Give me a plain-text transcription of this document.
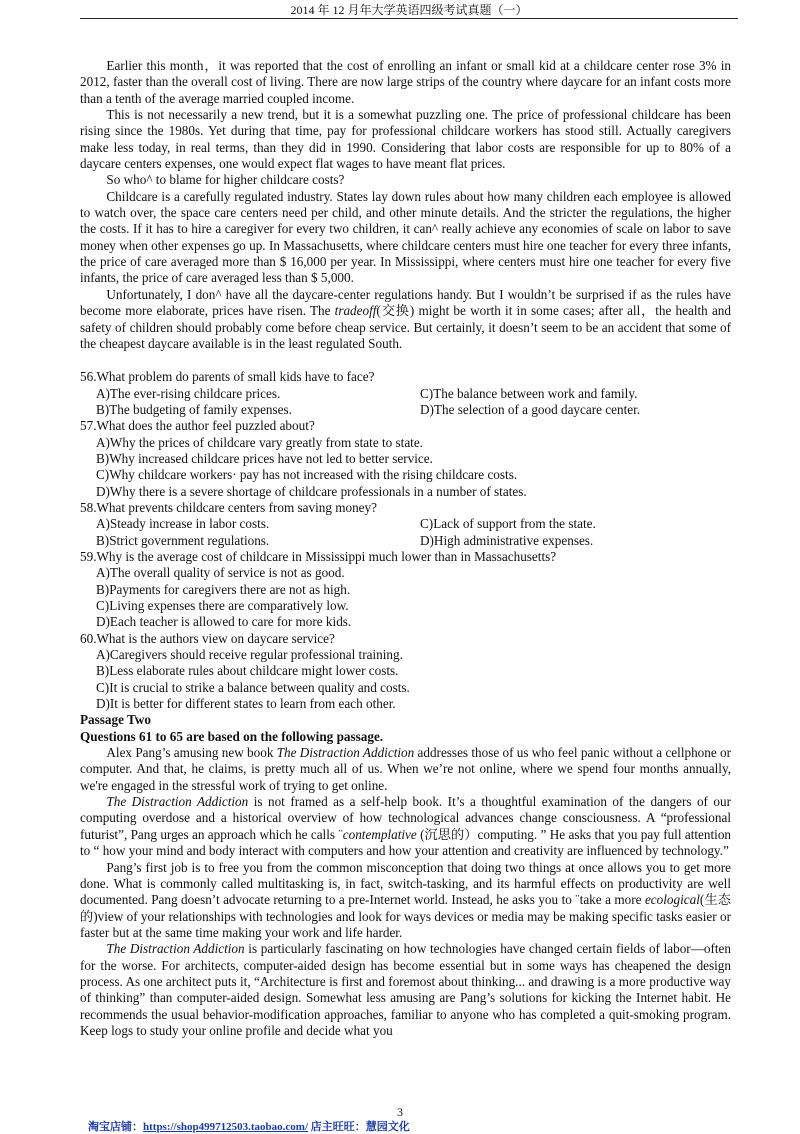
2014 年 12 月年大学英语四级考试真题（一）

Earlier this month，it was reported that the cost of enrolling an infant or small kid at a childcare center rose 3% in 2012, faster than the overall cost of living. There are now large strips of the country where daycare for an infant costs more than a tenth of the average married coupled income.

This is not necessarily a new trend, but it is a somewhat puzzling one. The price of professional childcare has been rising since the 1980s. Yet during that time, pay for professional childcare workers has stood still. Actually caregivers make less today, in real terms, than they did in 1990. Considering that labor costs are responsible for up to 80% of a daycare centers expenses, one would expect flat wages to have meant flat prices.

So who^ to blame for higher childcare costs?

Childcare is a carefully regulated industry. States lay down rules about how many children each employee is allowed to watch over, the space care centers need per child, and other minute details. And the stricter the regulations, the higher the costs. If it has to hire a caregiver for every two children, it can^ really achieve any economies of scale on labor to save money when other expenses go up. In Massachusetts, where childcare centers must hire one teacher for every three infants, the price of care averaged more than $ 16,000 per year. In Mississippi, where centers must hire one teacher for every five infants, the price of care averaged less than $ 5,000.

Unfortunately, I don^ have all the daycare-center regulations handy. But I wouldn’t be surprised if as the rules have become more elaborate, prices have risen. The tradeoff(交换) might be worth it in some cases; after all，the health and safety of children should probably come before cheap service. But certainly, it doesn’t seem to be an accident that some of the cheapest daycare available is in the least regulated South.

56.What problem do parents of small kids have to face?

A)The ever-rising childcare prices.	C)The balance between work and family.
B)The budgeting of family expenses.	D)The selection of a good daycare center.

57.What does the author feel puzzled about?

A)Why the prices of childcare vary greatly from state to state.

B)Why increased childcare prices have not led to better service.

C)Why childcare workers· pay has not increased with the rising childcare costs.

D)Why there is a severe shortage of childcare professionals in a number of states.

58.What prevents childcare centers from saving money?

A)Steady increase in labor costs.	C)Lack of support from the state.
B)Strict government regulations.	D)High administrative expenses.

59.Why is the average cost of childcare in Mississippi much lower than in Massachusetts?

A)The overall quality of service is not as good.

B)Payments for caregivers there are not as high.

C)Living expenses there are comparatively low.

D)Each teacher is allowed to care for more kids.

60.What is the authors view on daycare service?

A)Caregivers should receive regular professional training.

B)Less elaborate rules about childcare might lower costs.

C)It is crucial to strike a balance between quality and costs.

D)It is better for different states to learn from each other.

Passage Two

Questions 61 to 65 are based on the following passage.

Alex Pang’s amusing new book The Distraction Addiction addresses those of us who feel panic without a cellphone or computer. And that, he claims, is pretty much all of us. When we’re not online, where we spend four months annually, we're engaged in the stressful work of trying to get online.

The Distraction Addiction is not framed as a self-help book. It’s a thoughtful examination of the dangers of our computing overdose and a historical overview of how technological advances change consciousness. A “professional futurist”, Pang urges an approach which he calls ¨contemplative (沉思的）computing. ” He asks that you pay full attention to “ how your mind and body interact with computers and how your attention and creativity are influenced by technology.”

Pang’s first job is to free you from the common misconception that doing two things at once allows you to get more done. What is commonly called multitasking is, in fact, switch-tasking, and its harmful effects on productivity are well documented. Pang doesn’t advocate returning to a pre-Internet world. Instead, he asks you to ¨take a more ecological(生态的)view of your relationships with technologies and look for ways devices or media may be making specific tasks easier or faster but at the same time making your work and life harder.

The Distraction Addiction is particularly fascinating on how technologies have changed certain fields of labor—often for the worse. For architects, computer-aided design has become essential but in some ways has cheapened the design process. As one architect puts it, “Architecture is first and foremost about thinking... and drawing is a more productive way of thinking” than computer-aided design. Somewhat less amusing are Pang’s solutions for kicking the Internet habit. He recommends the usual behavior-modification approaches, familiar to anyone who has completed a quit-smoking program. Keep logs to study your online profile and decide what you

3
淘宝店铺：https://shop499712503.taobao.com/ 店主旺旺：慧园文化
